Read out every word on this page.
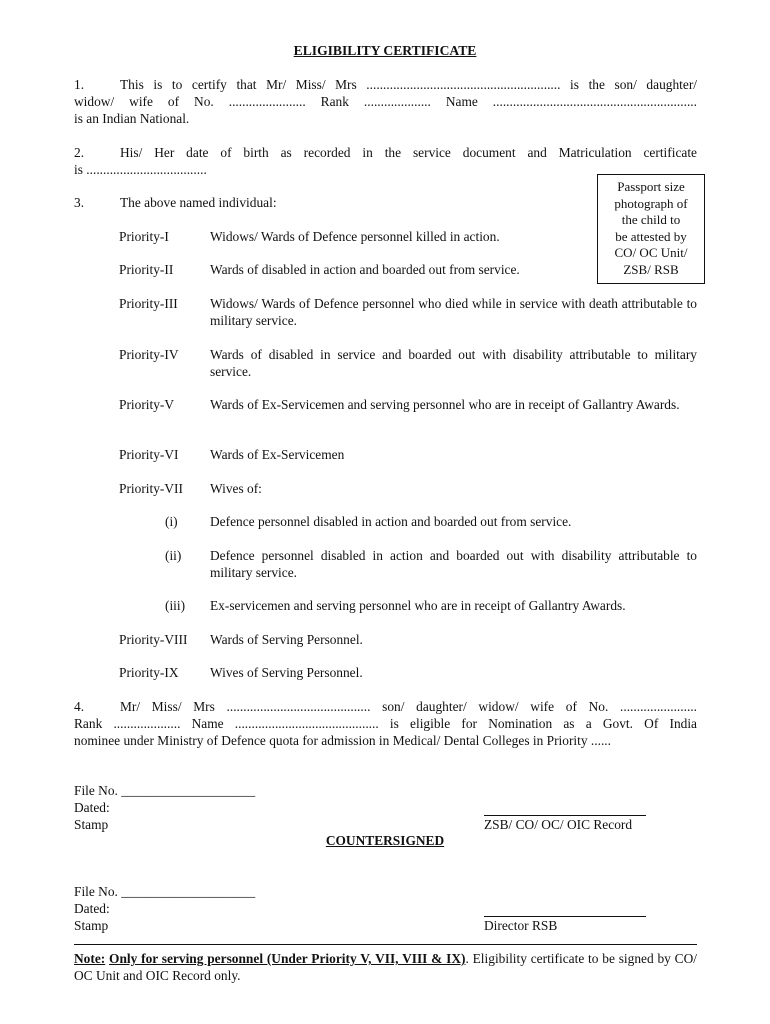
ELIGIBILITY CERTIFICATE
1.	This is to certify that Mr/ Miss/ Mrs .......................................................... is the son/ daughter/
widow/ wife of No. ....................... Rank .................... Name .............................................................
is an Indian National.
2.	His/ Her date of birth as recorded in the service document and Matriculation certificate
is ....................................
Passport size
photograph of
the child to
be attested by
CO/ OC Unit/
ZSB/ RSB
3.	The above named individual:
Priority-I	Widows/ Wards of Defence personnel killed in action.
Priority-II	Wards of disabled in action and boarded out from service.
Priority-III Widows/ Wards of Defence personnel who died while in service with death attributable to military service.
Priority-IV Wards of disabled in service and boarded out with disability attributable to military service.
Priority-V	Wards of Ex-Servicemen and serving personnel who are in receipt of Gallantry Awards.
Priority-VI Wards of Ex-Servicemen
Priority-VII Wives of:
(i) Defence personnel disabled in action and boarded out from service.
(ii) Defence personnel disabled in action and boarded out with disability attributable to military service.
(iii) Ex-servicemen and serving personnel who are in receipt of Gallantry Awards.
Priority-VIII Wards of Serving Personnel.
Priority-IX Wives of Serving Personnel.
4.	Mr/ Miss/ Mrs ........................................... son/ daughter/ widow/ wife of No. .......................
Rank .................... Name ........................................... is eligible for Nomination as a Govt. Of India
nominee under Ministry of Defence quota for admission in Medical/ Dental Colleges in Priority ......
File No. ____________________
Dated:
Stamp	ZSB/ CO/ OC/ OIC Record
COUNTERSIGNED
File No. ____________________
Dated:
Stamp	Director RSB
Note: Only for serving personnel (Under Priority V, VII, VIII & IX). Eligibility certificate to be signed by CO/ OC Unit and OIC Record only.
